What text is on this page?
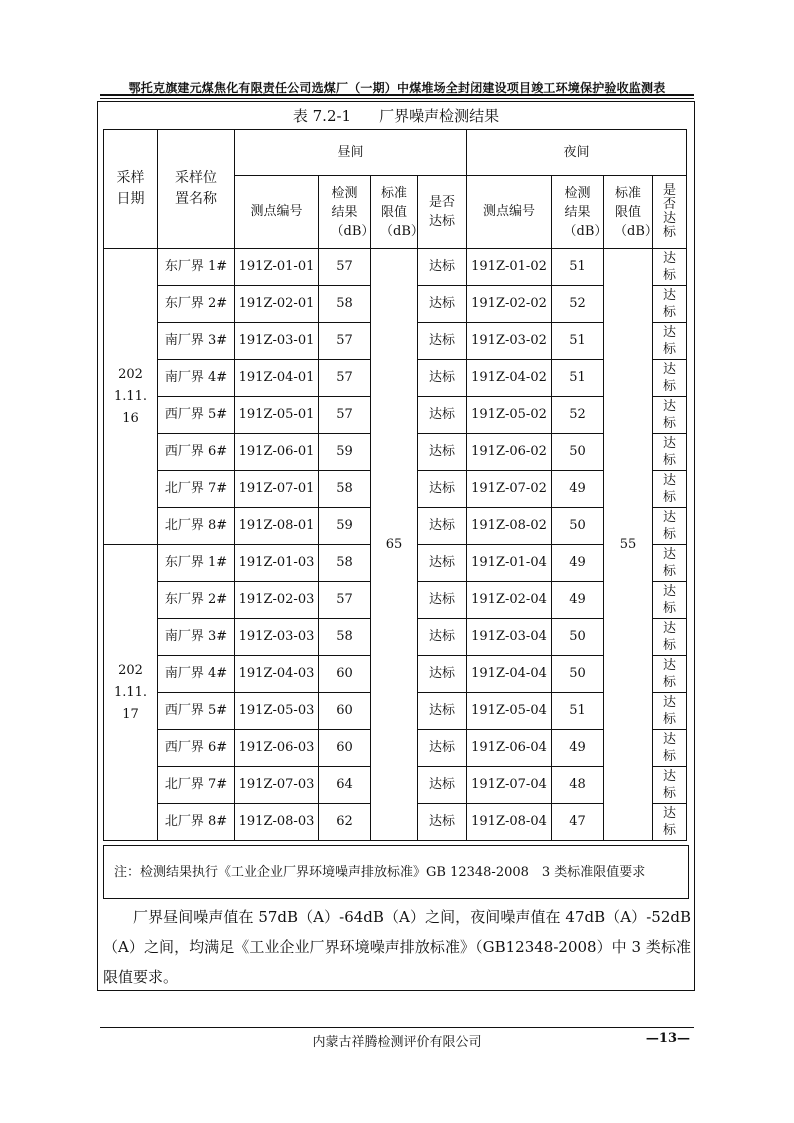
鄂托克旗建元煤焦化有限责任公司选煤厂（一期）中煤堆场全封闭建设项目竣工环境保护验收监测表
表 7.2-1 厂界噪声检测结果
采样日期	采样位置名称	昼间				夜间			
		测点编号	检测结果（dB）	标准限值（dB）	是否达标	测点编号	检测结果（dB）	标准限值（dB）	是否达标

2021.11.16	东厂界 1#	191Z-01-01	57	65	达标	191Z-01-02	51	55	达标

	东厂界 2#	191Z-02-01	58		达标	191Z-02-02	52		达标

	南厂界 3#	191Z-03-01	57		达标	191Z-03-02	51		达标

	南厂界 4#	191Z-04-01	57		达标	191Z-04-02	51		达标

	西厂界 5#	191Z-05-01	57		达标	191Z-05-02	52		达标

	西厂界 6#	191Z-06-01	59		达标	191Z-06-02	50		达标

	北厂界 7#	191Z-07-01	58		达标	191Z-07-02	49		达标

	北厂界 8#	191Z-08-01	59		达标	191Z-08-02	50		达标

2021.11.17	东厂界 1#	191Z-01-03	58		达标	191Z-01-04	49		达标

	东厂界 2#	191Z-02-03	57		达标	191Z-02-04	49		达标

	南厂界 3#	191Z-03-03	58		达标	191Z-03-04	50		达标

	南厂界 4#	191Z-04-03	60		达标	191Z-04-04	50		达标

	西厂界 5#	191Z-05-03	60		达标	191Z-05-04	51		达标

	西厂界 6#	191Z-06-03	60		达标	191Z-06-04	49		达标

	北厂界 7#	191Z-07-03	64		达标	191Z-07-04	48		达标

	北厂界 8#	191Z-08-03	62		达标	191Z-08-04	47		达标
注：检测结果执行《工业企业厂界环境噪声排放标准》GB 12348-2008　3 类标准限值要求
厂界昼间噪声值在 57dB（A）-64dB（A）之间，夜间噪声值在 47dB（A）-52dB（A）之间，均满足《工业企业厂界环境噪声排放标准》（GB12348-2008）中 3 类标准限值要求。
内蒙古祥腾检测评价有限公司	—13—
